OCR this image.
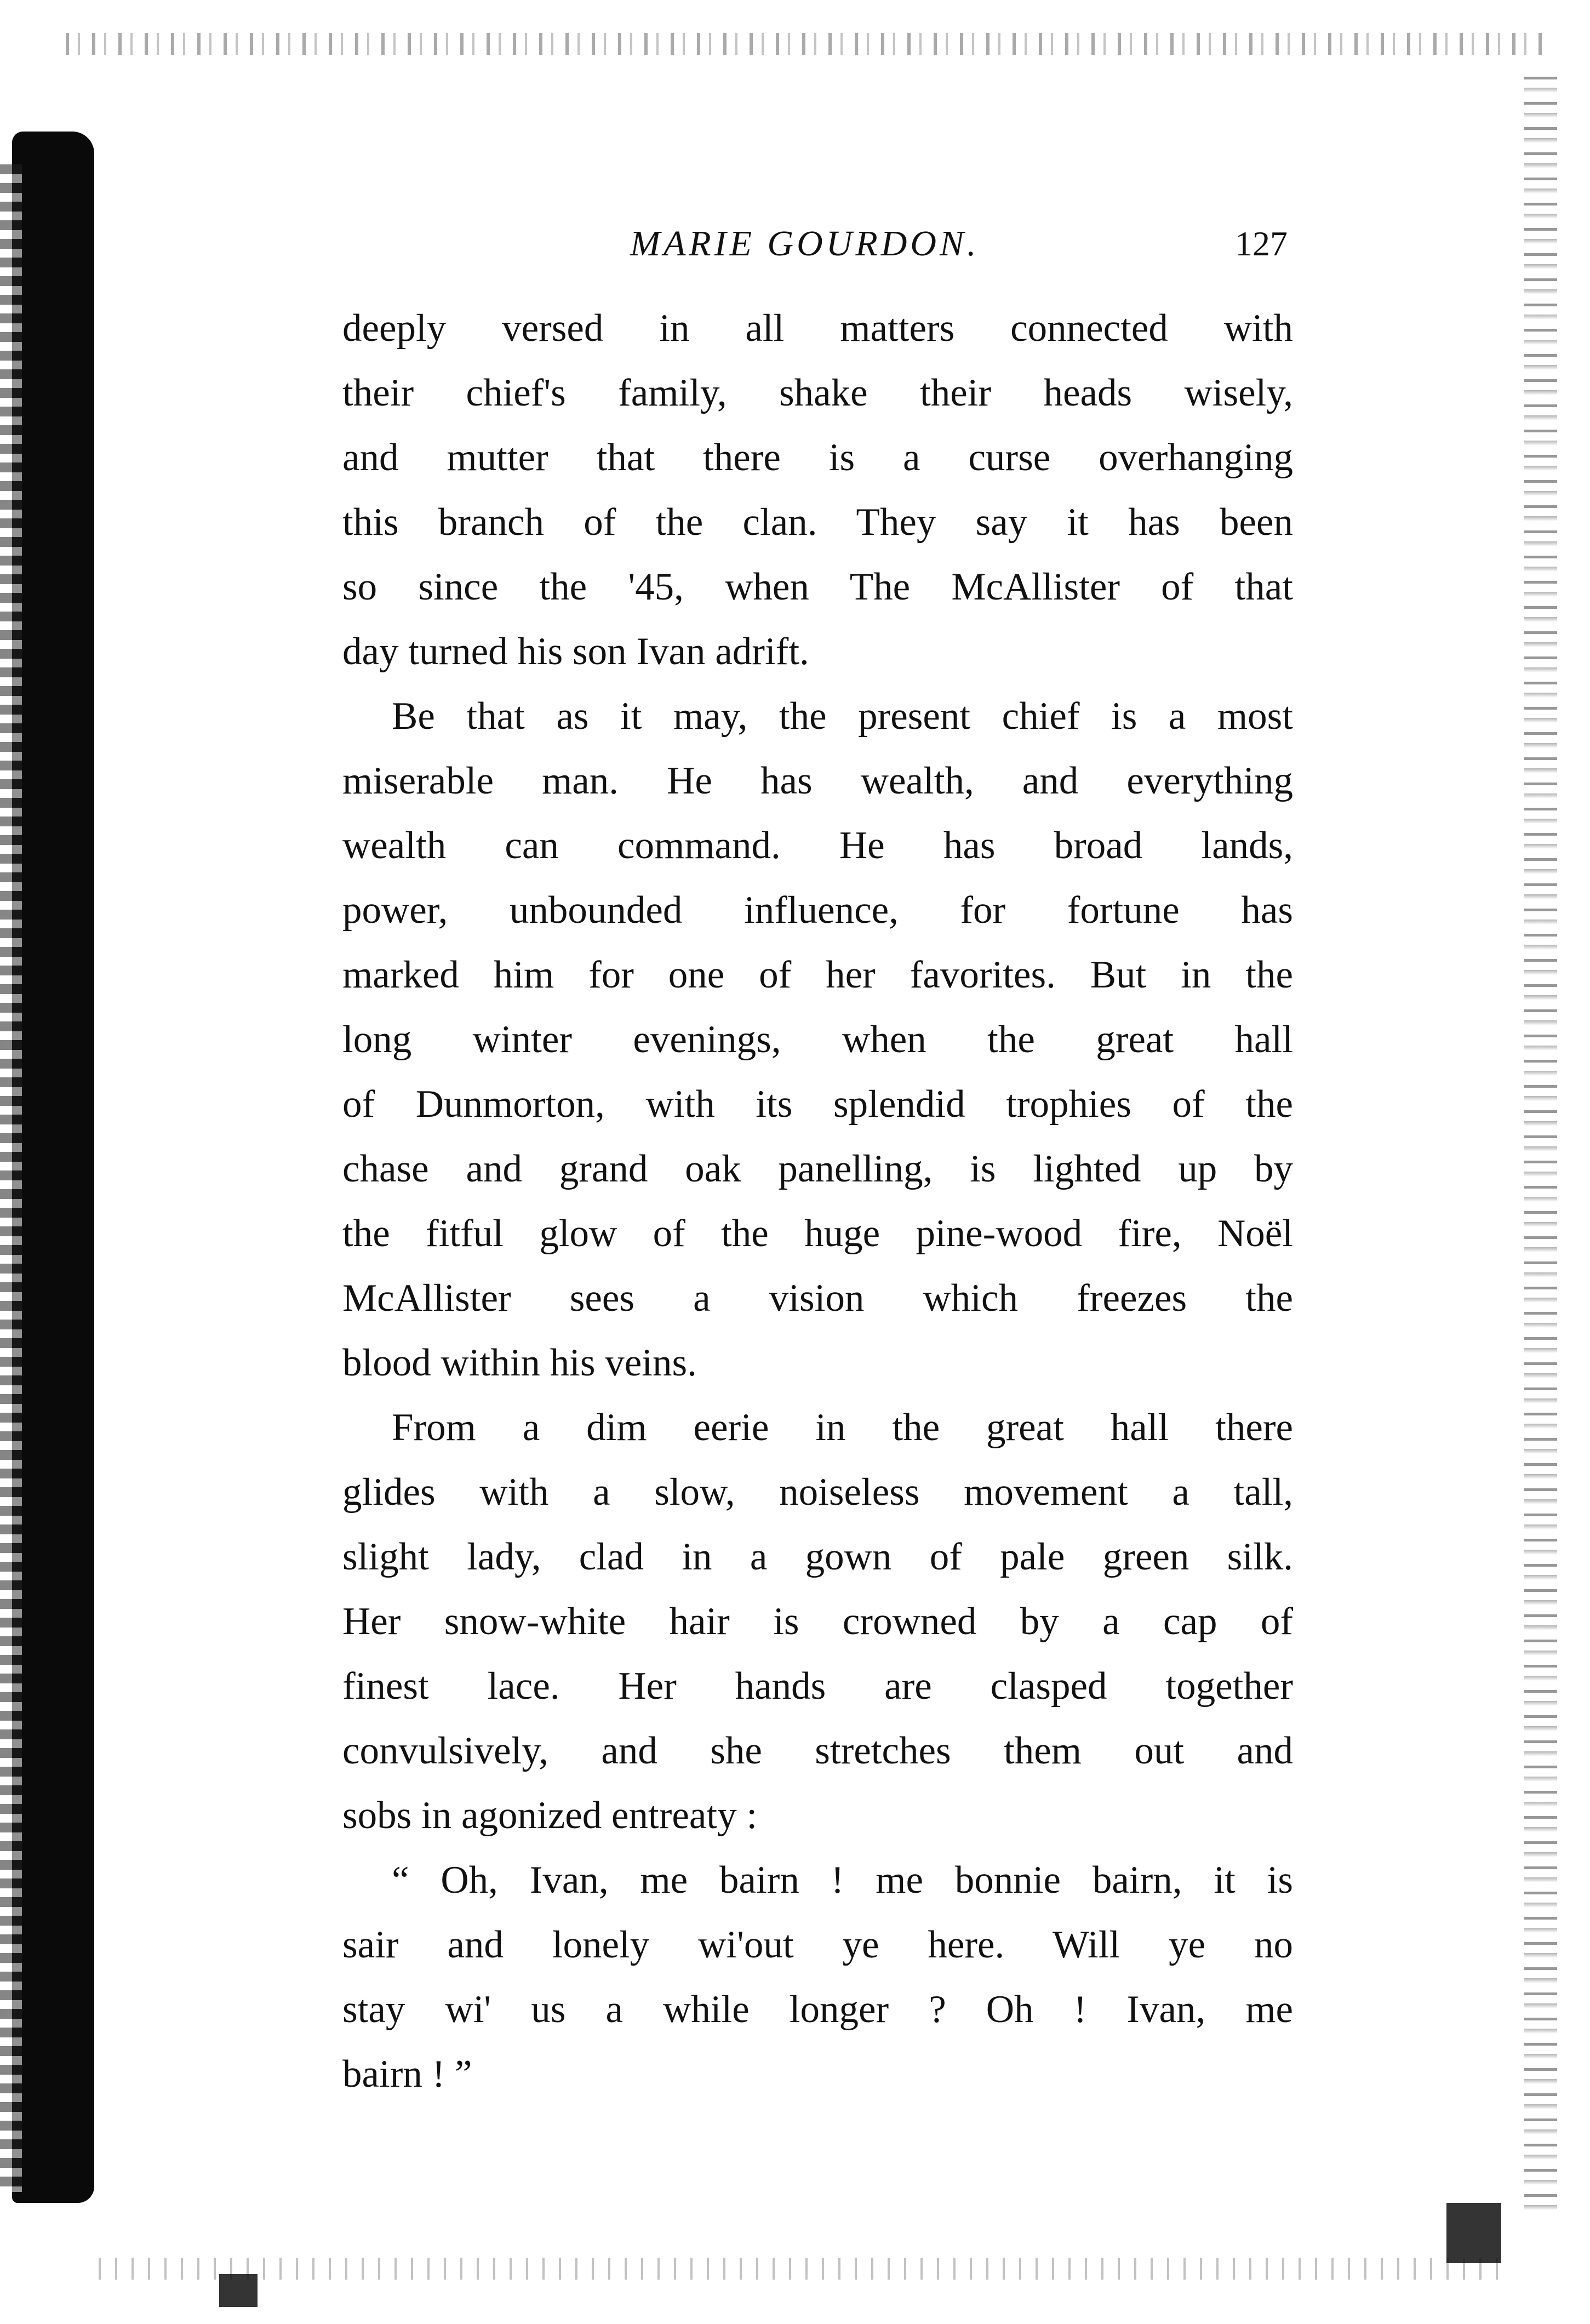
MARIE GOURDON.	127
deeply versed in all matters connected with
their chief's family, shake their heads wisely,
and mutter that there is a curse overhanging
this branch of the clan. They say it has been
so since the '45, when The McAllister of that
day turned his son Ivan adrift.
Be that as it may, the present chief is a most
miserable man. He has wealth, and everything
wealth can command. He has broad lands,
power, unbounded influence, for fortune has
marked him for one of her favorites. But in the
long winter evenings, when the great hall
of Dunmorton, with its splendid trophies of the
chase and grand oak panelling, is lighted up by
the fitful glow of the huge pine-wood fire, Noël
McAllister sees a vision which freezes the
blood within his veins.
From a dim eerie in the great hall there
glides with a slow, noiseless movement a tall,
slight lady, clad in a gown of pale green silk.
Her snow-white hair is crowned by a cap of
finest lace. Her hands are clasped together
convulsively, and she stretches them out and
sobs in agonized entreaty :
“ Oh, Ivan, me bairn ! me bonnie bairn, it is
sair and lonely wi'out ye here. Will ye no
stay wi' us a while longer ? Oh ! Ivan, me
bairn ! ”
